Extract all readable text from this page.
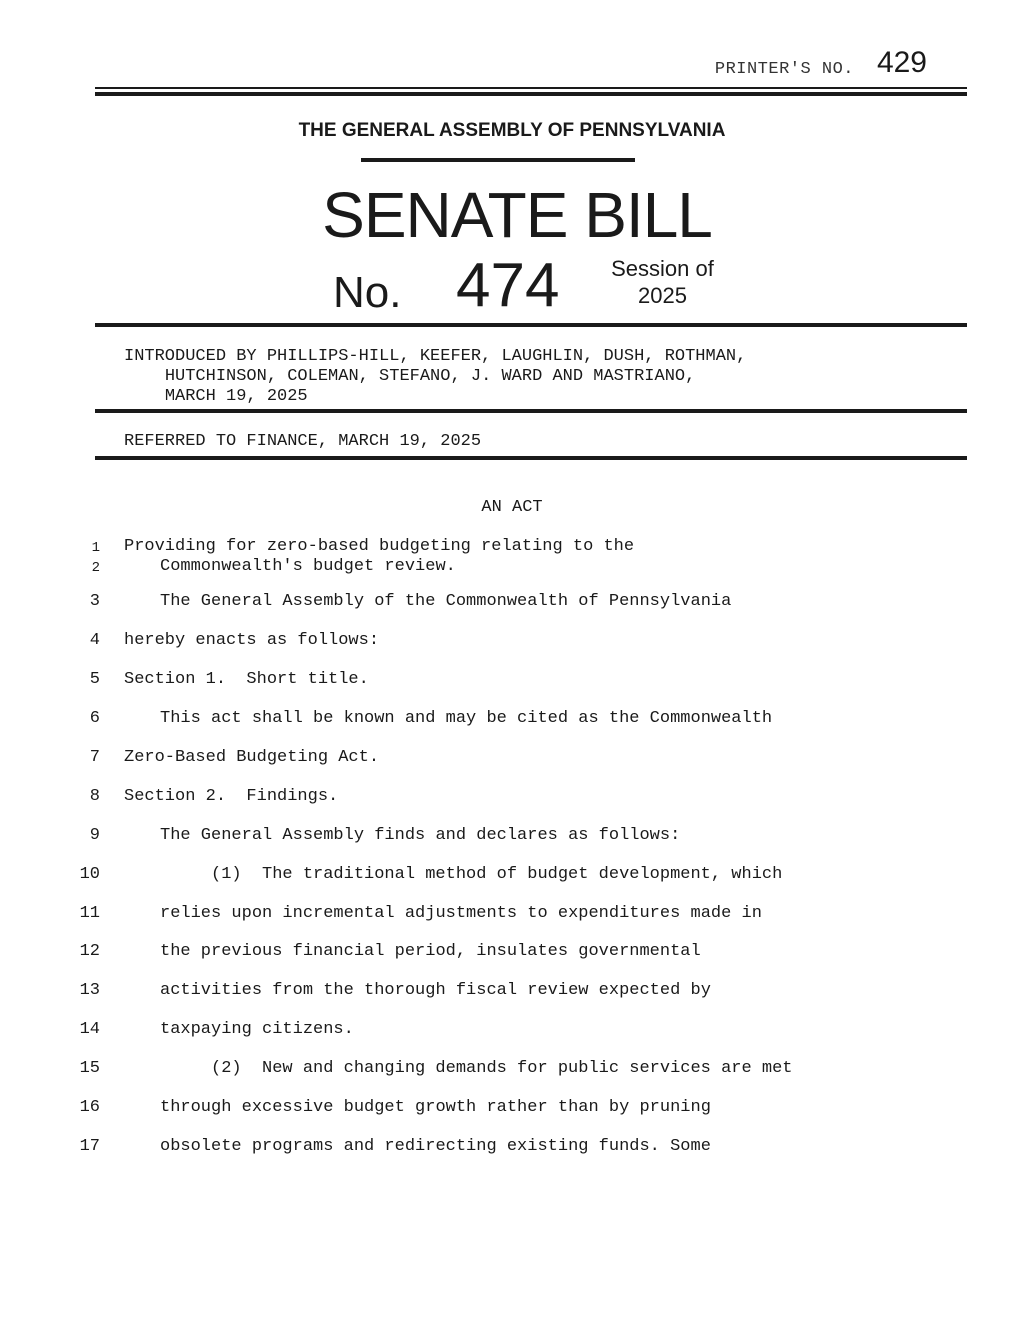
PRINTER'S NO. 429
THE GENERAL ASSEMBLY OF PENNSYLVANIA
SENATE BILL
No. 474	Session of 2025
INTRODUCED BY PHILLIPS-HILL, KEEFER, LAUGHLIN, DUSH, ROTHMAN,
HUTCHINSON, COLEMAN, STEFANO, J. WARD AND MASTRIANO,
MARCH 19, 2025
REFERRED TO FINANCE, MARCH 19, 2025
AN ACT
1 Providing for zero-based budgeting relating to the
2	Commonwealth's budget review.
3	The General Assembly of the Commonwealth of Pennsylvania
4 hereby enacts as follows:
5 Section 1.  Short title.
6	This act shall be known and may be cited as the Commonwealth
7 Zero-Based Budgeting Act.
8 Section 2.  Findings.
9	The General Assembly finds and declares as follows:
10	(1)  The traditional method of budget development, which
11	relies upon incremental adjustments to expenditures made in
12	the previous financial period, insulates governmental
13	activities from the thorough fiscal review expected by
14	taxpaying citizens.
15	(2)  New and changing demands for public services are met
16	through excessive budget growth rather than by pruning
17	obsolete programs and redirecting existing funds. Some
